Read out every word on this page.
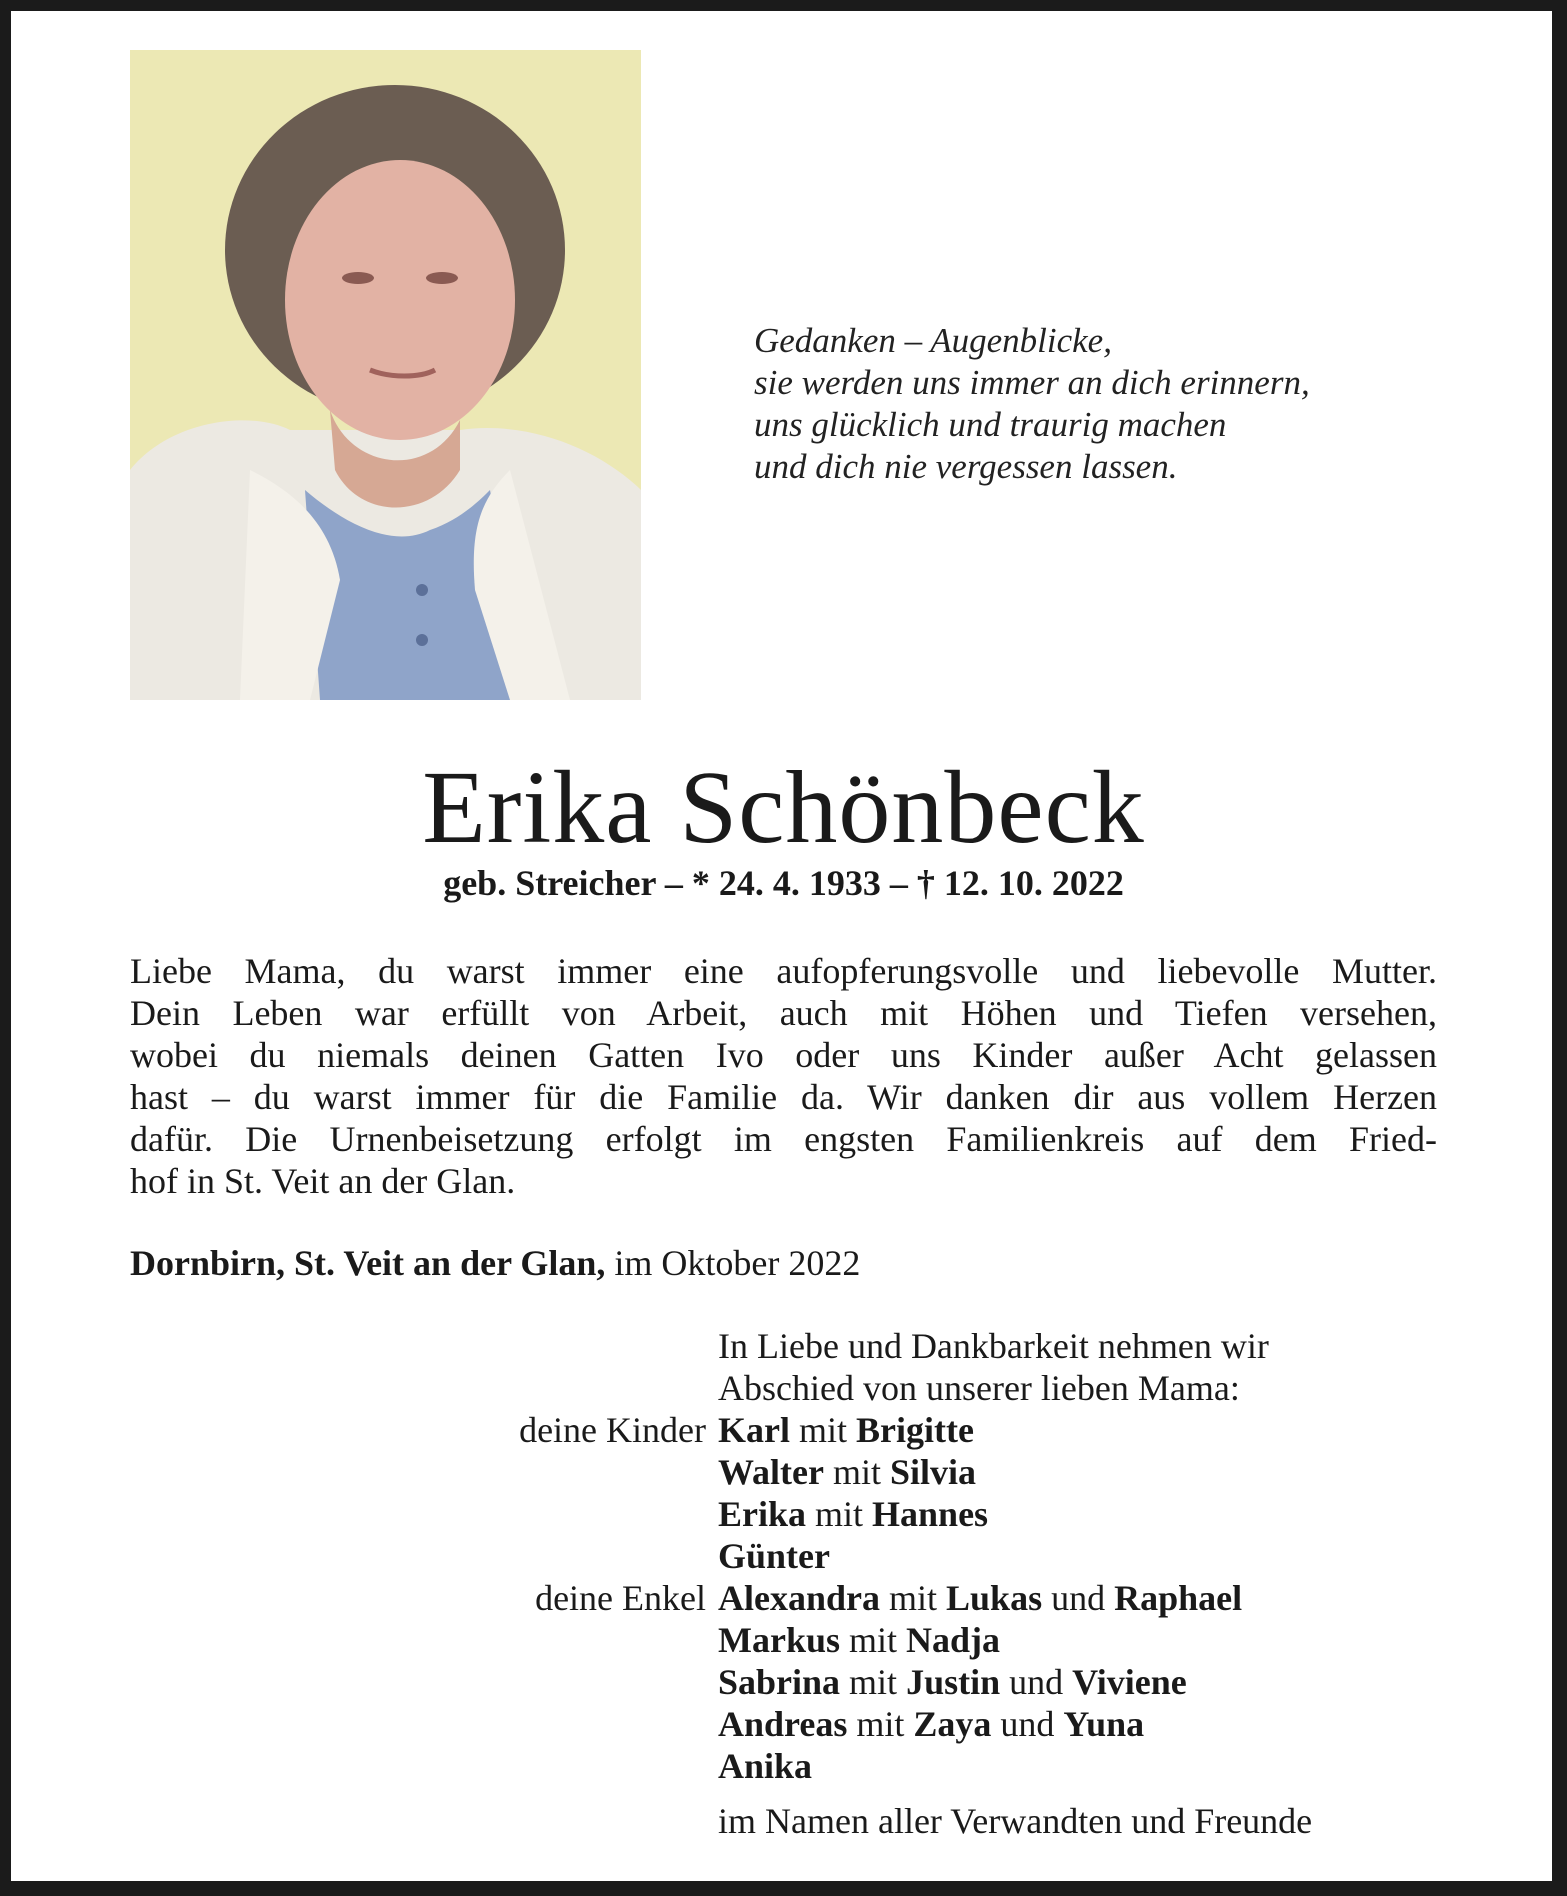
Gedanken – Augenblicke,
sie werden uns immer an dich erinnern,
uns glücklich und traurig machen
und dich nie vergessen lassen.
Erika Schönbeck
geb. Streicher – * 24. 4. 1933 – † 12. 10. 2022
Liebe Mama, du warst immer eine aufopferungsvolle und liebevolle Mutter.
Dein Leben war erfüllt von Arbeit, auch mit Höhen und Tiefen versehen,
wobei du niemals deinen Gatten Ivo oder uns Kinder außer Acht gelassen
hast – du warst immer für die Familie da. Wir danken dir aus vollem Herzen
dafür. Die Urnenbeisetzung erfolgt im engsten Familienkreis auf dem Fried-
hof in St. Veit an der Glan.
Dornbirn, St. Veit an der Glan, im Oktober 2022
In Liebe und Dankbarkeit nehmen wir
Abschied von unserer lieben Mama:
deine Kinder Karl mit Brigitte
Walter mit Silvia
Erika mit Hannes
Günter
deine Enkel Alexandra mit Lukas und Raphael
Markus mit Nadja
Sabrina mit Justin und Viviene
Andreas mit Zaya und Yuna
Anika
im Namen aller Verwandten und Freunde
